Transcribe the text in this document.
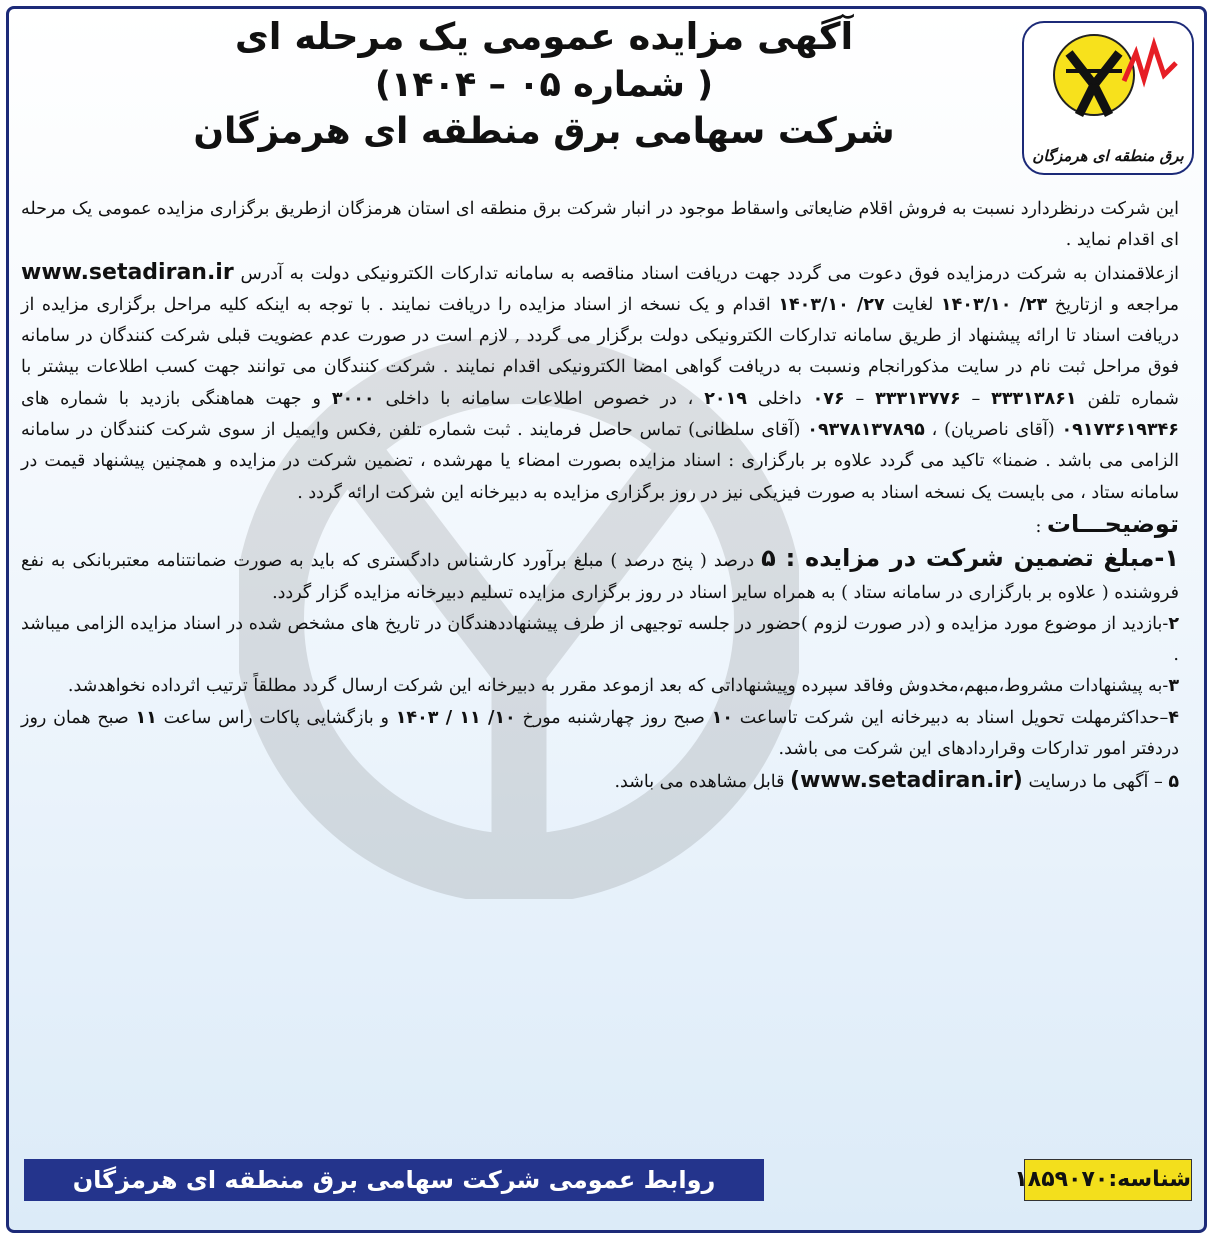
برق منطقه ای هرمزگان
آگهی مزایده عمومی یک مرحله ای
( شماره ۰۵ – ۱۴۰۴)
شرکت سهامی برق منطقه ای هرمزگان

این شرکت درنظردارد نسبت به فروش اقلام ضایعاتی واسقاط موجود در انبار شرکت برق منطقه ای استان هرمزگان ازطریق برگزاری مزایده عمومی یک مرحله ای اقدام نماید .

ازعلاقمندان به شرکت درمزایده فوق دعوت می گردد جهت دریافت اسناد مناقصه به سامانه تدارکات الکترونیکی دولت به آدرس www.setadiran.ir مراجعه و ازتاریخ ۲۳/ ۱۴۰۳/۱۰ لغایت ۲۷/ ۱۴۰۳/۱۰ اقدام و یک نسخه از اسناد مزایده را دریافت نمایند . با توجه به اینکه کلیه مراحل برگزاری مزایده از دریافت اسناد تا ارائه پیشنهاد از طریق سامانه تدارکات الکترونیکی دولت برگزار می گردد , لازم است در صورت عدم عضویت قبلی شرکت کنندگان در سامانه فوق مراحل ثبت نام در سایت مذکورانجام ونسبت به دریافت گواهی امضا الکترونیکی اقدام نمایند . شرکت کنندگان می توانند جهت کسب اطلاعات بیشتر با شماره تلفن ۳۳۳۱۳۸۶۱ – ۳۳۳۱۳۷۷۶ – ۰۷۶ داخلی ۲۰۱۹ ، در خصوص اطلاعات سامانه با داخلی ۳۰۰۰ و جهت هماهنگی بازدید با شماره های ۰۹۱۷۳۶۱۹۳۴۶ (آقای ناصریان) ، ۰۹۳۷۸۱۳۷۸۹۵ (آقای سلطانی) تماس حاصل فرمایند . ثبت شماره تلفن ,فکس وایمیل از سوی شرکت کنندگان در سامانه الزامی می باشد . ضمنا» تاکید می گردد علاوه بر بارگزاری : اسناد مزایده بصورت امضاء یا مهرشده ، تضمین شرکت در مزایده و همچنین پیشنهاد قیمت در سامانه ستاد ، می بایست یک نسخه اسناد به صورت فیزیکی نیز در روز برگزاری مزایده به دبیرخانه این شرکت ارائه گردد .

توضیحـــات :

۱-مبلغ تضمین شرکت در مزایده : ۵ درصد ( پنج درصد ) مبلغ برآورد کارشناس دادگستری که باید به صورت ضمانتنامه معتبربانکی به نفع فروشنده ( علاوه بر بارگزاری در سامانه ستاد ) به همراه سایر اسناد در روز برگزاری مزایده تسلیم دبیرخانه مزایده گزار گردد.

۲-بازدید از موضوع مورد مزایده و (در صورت لزوم )حضور در جلسه توجیهی از طرف پیشنهاددهندگان در تاریخ های مشخص شده در اسناد مزایده الزامی میباشد .

۳-به پیشنهادات مشروط،مبهم،مخدوش وفاقد سپرده وپیشنهاداتی که بعد ازموعد مقرر به دبیرخانه این شرکت ارسال گردد مطلقاً ترتیب اثرداده نخواهدشد.

۴–حداکثرمهلت تحویل اسناد به دبیرخانه این شرکت تاساعت ۱۰ صبح روز چهارشنبه مورخ ۱۰/ ۱۱ / ۱۴۰۳ و بازگشایی پاکات راس ساعت ۱۱ صبح همان روز دردفتر امور تدارکات وقراردادهای این شرکت می باشد.

۵ – آگهی ما درسایت (www.setadiran.ir) قابل مشاهده می باشد.

روابط عمومی شرکت سهامی برق منطقه ای هرمزگان	شناسه:۱۸۵۹۰۷۰
